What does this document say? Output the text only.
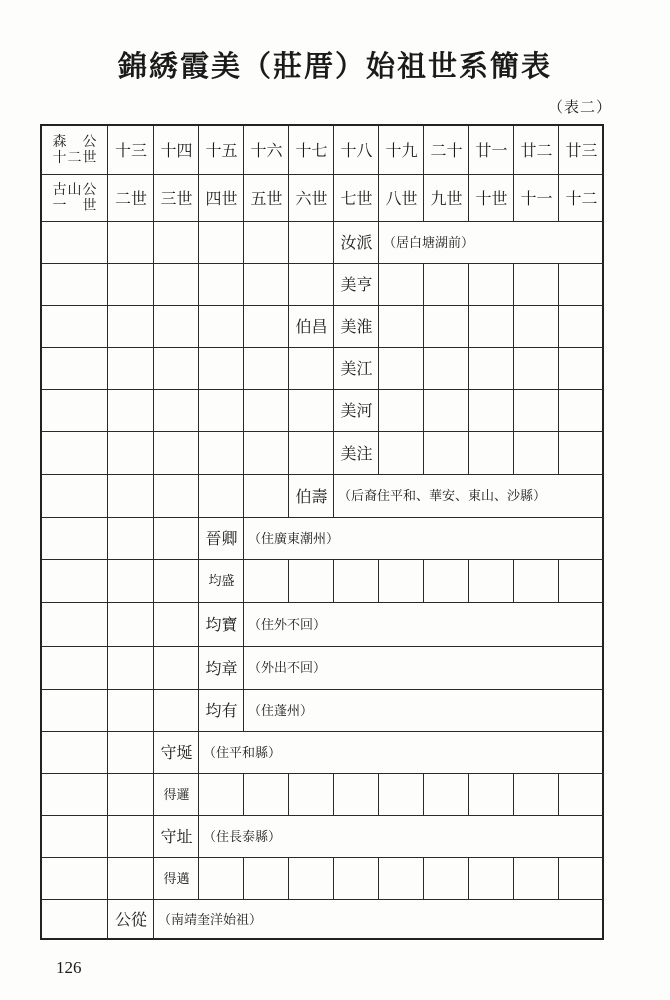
錦綉霞美（莊厝）始祖世系簡表
（表二）
森　公
十二世	十三 十四 十五 十六 十七 十八 十九 二十 廿一 廿二 廿三
古山公
一　世	二世 三世 四世 五世 六世 七世 八世 九世 十世 十一 十二
汝派 （居白塘湖前）
美亨
伯昌 美淮
美江
美河
美注
伯壽 （后裔住平和、華安、東山、沙縣）
晉卿 （住廣東潮州）
均盛
均寶 （住外不回）
均章 （外出不回）
均有 （住蓬州）
守埏 （住平和縣）
得邏
守址 （住長泰縣）
得邁
公從 （南靖奎洋始祖）
126
